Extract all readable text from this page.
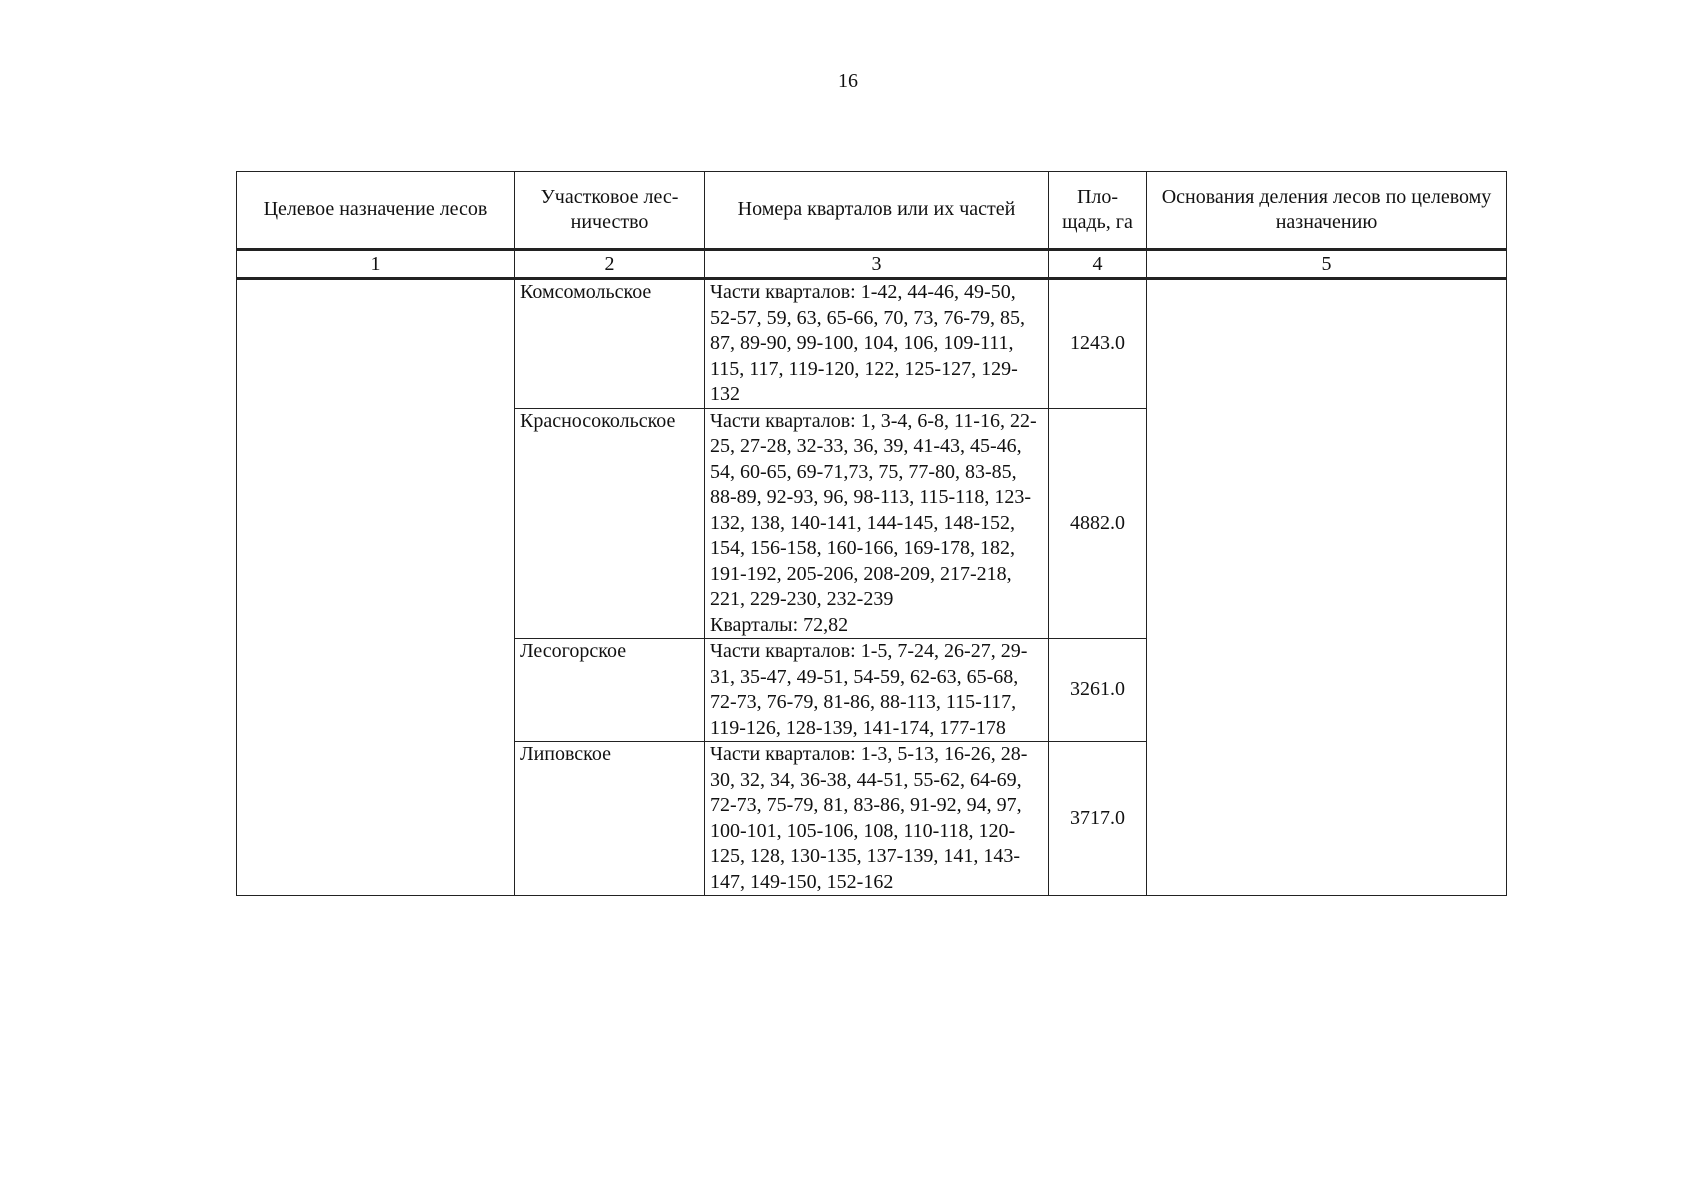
16
Целевое назначение лесов	Участковое лес-ничество	Номера кварталов или их частей	Пло-щадь, га	Основания деления лесов по целевому назначению
1	2	3	4	5
	Комсомольское	Части кварталов: 1-42, 44-46, 49-50, 52-57, 59, 63, 65-66, 70, 73, 76-79, 85, 87, 89-90, 99-100, 104, 106, 109-111, 115, 117, 119-120, 122, 125-127, 129-132	1243.0	
	Красносокольское	Части кварталов: 1, 3-4, 6-8, 11-16, 22-25, 27-28, 32-33, 36, 39, 41-43, 45-46, 54, 60-65, 69-71,73, 75, 77-80, 83-85, 88-89, 92-93, 96, 98-113, 115-118, 123-132, 138, 140-141, 144-145, 148-152, 154, 156-158, 160-166, 169-178, 182, 191-192, 205-206, 208-209, 217-218, 221, 229-230, 232-239
Кварталы: 72,82	4882.0	
	Лесогорское	Части кварталов: 1-5, 7-24, 26-27, 29-31, 35-47, 49-51, 54-59, 62-63, 65-68, 72-73, 76-79, 81-86, 88-113, 115-117, 119-126, 128-139, 141-174, 177-178	3261.0	
	Липовское	Части кварталов: 1-3, 5-13, 16-26, 28-30, 32, 34, 36-38, 44-51, 55-62, 64-69, 72-73, 75-79, 81, 83-86, 91-92, 94, 97, 100-101, 105-106, 108, 110-118, 120-125, 128, 130-135, 137-139, 141, 143-147, 149-150, 152-162	3717.0	
